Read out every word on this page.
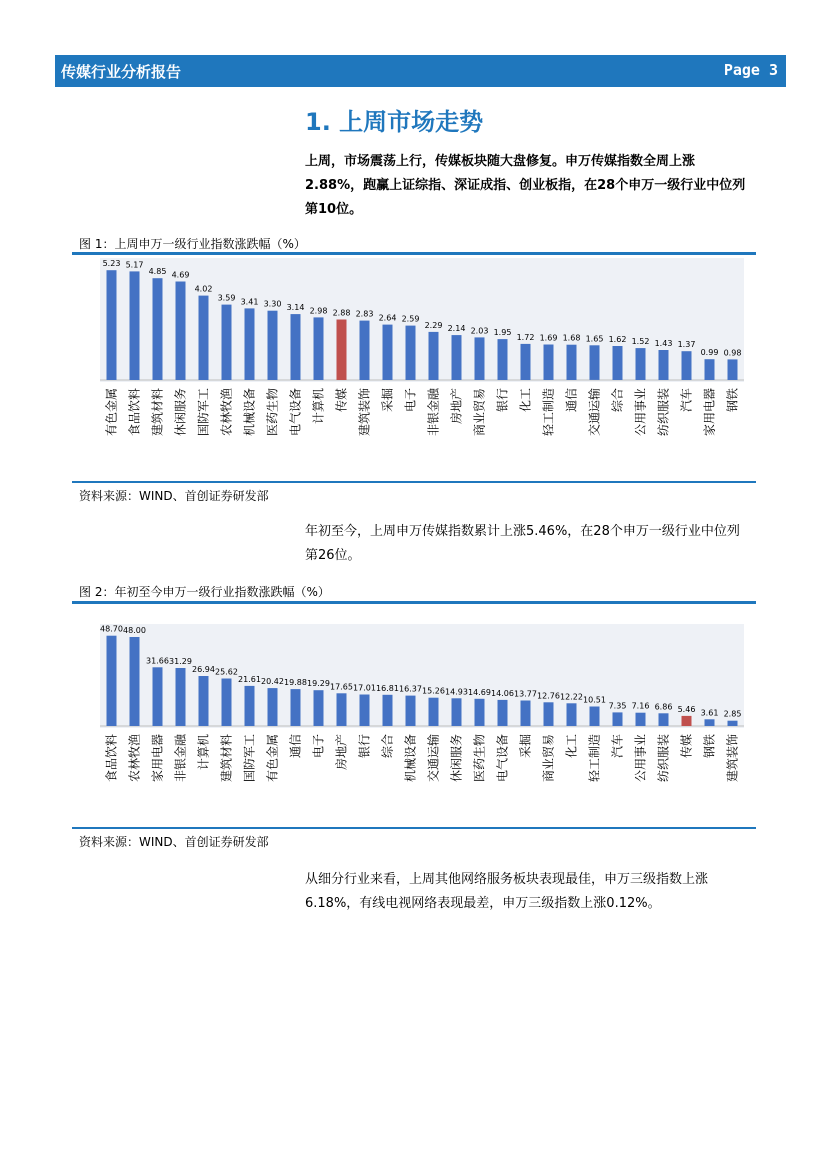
传媒行业分析报告	Page 3
1. 上周市场走势
上周，市场震荡上行，传媒板块随大盘修复。申万传媒指数全周上涨2.88%，跑赢上证综指、深证成指、创业板指，在28个申万一级行业中位列第10位。
图 1：上周申万一级行业指数涨跌幅（%）
5.23
有色金属
5.17
食品饮料
4.85
建筑材料
4.69
休闲服务
4.02
国防军工
3.59
农林牧渔
3.41
机械设备
3.30
医药生物
3.14
电气设备
2.98
计算机
2.88
传媒
2.83
建筑装饰
2.64
采掘
2.59
电子
2.29
非银金融
2.14
房地产
2.03
商业贸易
1.95
银行
1.72
化工
1.69
轻工制造
1.68
通信
1.65
交通运输
1.62
综合
1.52
公用事业
1.43
纺织服装
1.37
汽车
0.99
家用电器
0.98
钢铁
资料来源：WIND、首创证券研发部
年初至今，上周申万传媒指数累计上涨5.46%，在28个申万一级行业中位列第26位。
图 2：年初至今申万一级行业指数涨跌幅（%）
48.70
食品饮料
48.00
农林牧渔
31.66
家用电器
31.29
非银金融
26.94
计算机
25.62
建筑材料
21.61
国防军工
20.42
有色金属
19.88
通信
19.29
电子
17.65
房地产
17.01
银行
16.81
综合
16.37
机械设备
15.26
交通运输
14.93
休闲服务
14.69
医药生物
14.06
电气设备
13.77
采掘
12.76
商业贸易
12.22
化工
10.51
轻工制造
7.35
汽车
7.16
公用事业
6.86
纺织服装
5.46
传媒
3.61
钢铁
2.85
建筑装饰
资料来源：WIND、首创证券研发部
从细分行业来看，上周其他网络服务板块表现最佳，申万三级指数上涨6.18%，有线电视网络表现最差，申万三级指数上涨0.12%。
